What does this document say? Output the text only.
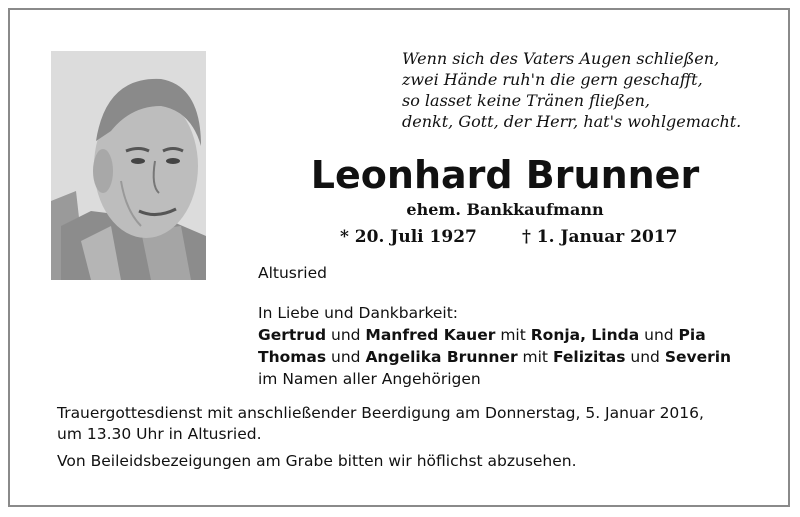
Wenn sich des Vaters Augen schließen,
zwei Hände ruh'n die gern geschafft,
so lasset keine Tränen fließen,
denkt, Gott, der Herr, hat's wohlgemacht.
Leonhard Brunner
ehem. Bankkaufmann
* 20. Juli 1927	† 1. Januar 2017
Altusried
In Liebe und Dankbarkeit:
Gertrud und Manfred Kauer mit Ronja, Linda und Pia
Thomas und Angelika Brunner mit Felizitas und Severin
im Namen aller Angehörigen
Trauergottesdienst mit anschließender Beerdigung am Donnerstag, 5. Januar 2016,
um 13.30 Uhr in Altusried.
Von Beileidsbezeigungen am Grabe bitten wir höflichst abzusehen.
